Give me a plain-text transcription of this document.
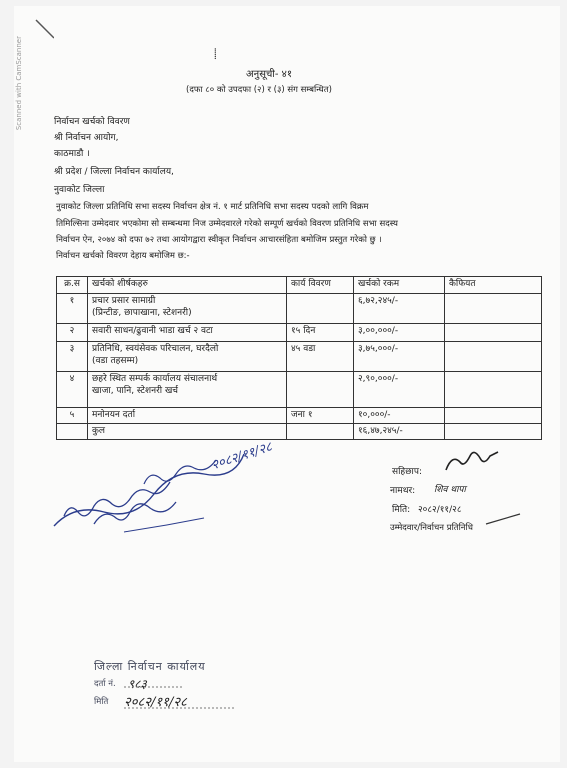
Scanned with CamScanner	⸽
अनुसूची- ४१
(दफा ८० को उपदफा (२) र (३) संग सम्बन्धित)
निर्वाचन खर्चको विवरण
श्री निर्वाचन आयोग,
काठमाडौ ।
श्री प्रदेश / जिल्ला निर्वाचन कार्यालय,
नुवाकोट जिल्ला
नुवाकोट जिल्ला प्रतिनिधि सभा सदस्य निर्वाचन क्षेत्र नं. १ मार्ट प्रतिनिधि सभा सदस्य पदको लागि विक्रम
तिमिल्सिना उम्मेदवार भएकोमा सो सम्बन्धमा निज उम्मेदवारले गरेको सम्पूर्ण खर्चको विवरण प्रतिनिधि सभा सदस्य
निर्वाचन ऐन, २०७४ को दफा ७२ तथा आयोगद्वारा स्वीकृत निर्वाचन आचारसंहिता बमोजिम प्रस्तुत गरेको छु ।
निर्वाचन खर्चको विवरण देहाय बमोजिम छ:-
क्र.स	खर्चको शीर्षकहरु	कार्य विवरण	खर्चको रकम	कैफियत
१	प्रचार प्रसार सामाग्री
(प्रिन्टीङ, छापाखाना, स्टेशनरी)		६,७२,२४५/-	
२	सवारी साधन/ढुवानी भाडा खर्च २ वटा	१५ दिन	३,००,०००/-	
३	प्रतिनिधि, स्वयंसेवक परिचालन, घरदैलो
(वडा तहसम्म)	४५ वडा	३,७५,०००/-	
४	छहरे स्थित सम्पर्क कार्यालय संचालनार्थ
खाजा, पानि, स्टेशनरी खर्च		२,९०,०००/-	
५	मनोनयन दर्ता	जना १	१०,०००/-	
	कुल		१६,४७,२४५/-	
२०८२/११/२८	सहिछाप:
नामथर: शिव थापा
मिति: २०८२/११/२८
उम्मेदवार/निर्वाचन प्रतिनिधि
जिल्ला निर्वाचन कार्यालय
दर्ता नं. ९८३
मिति २०८२/११/२८
